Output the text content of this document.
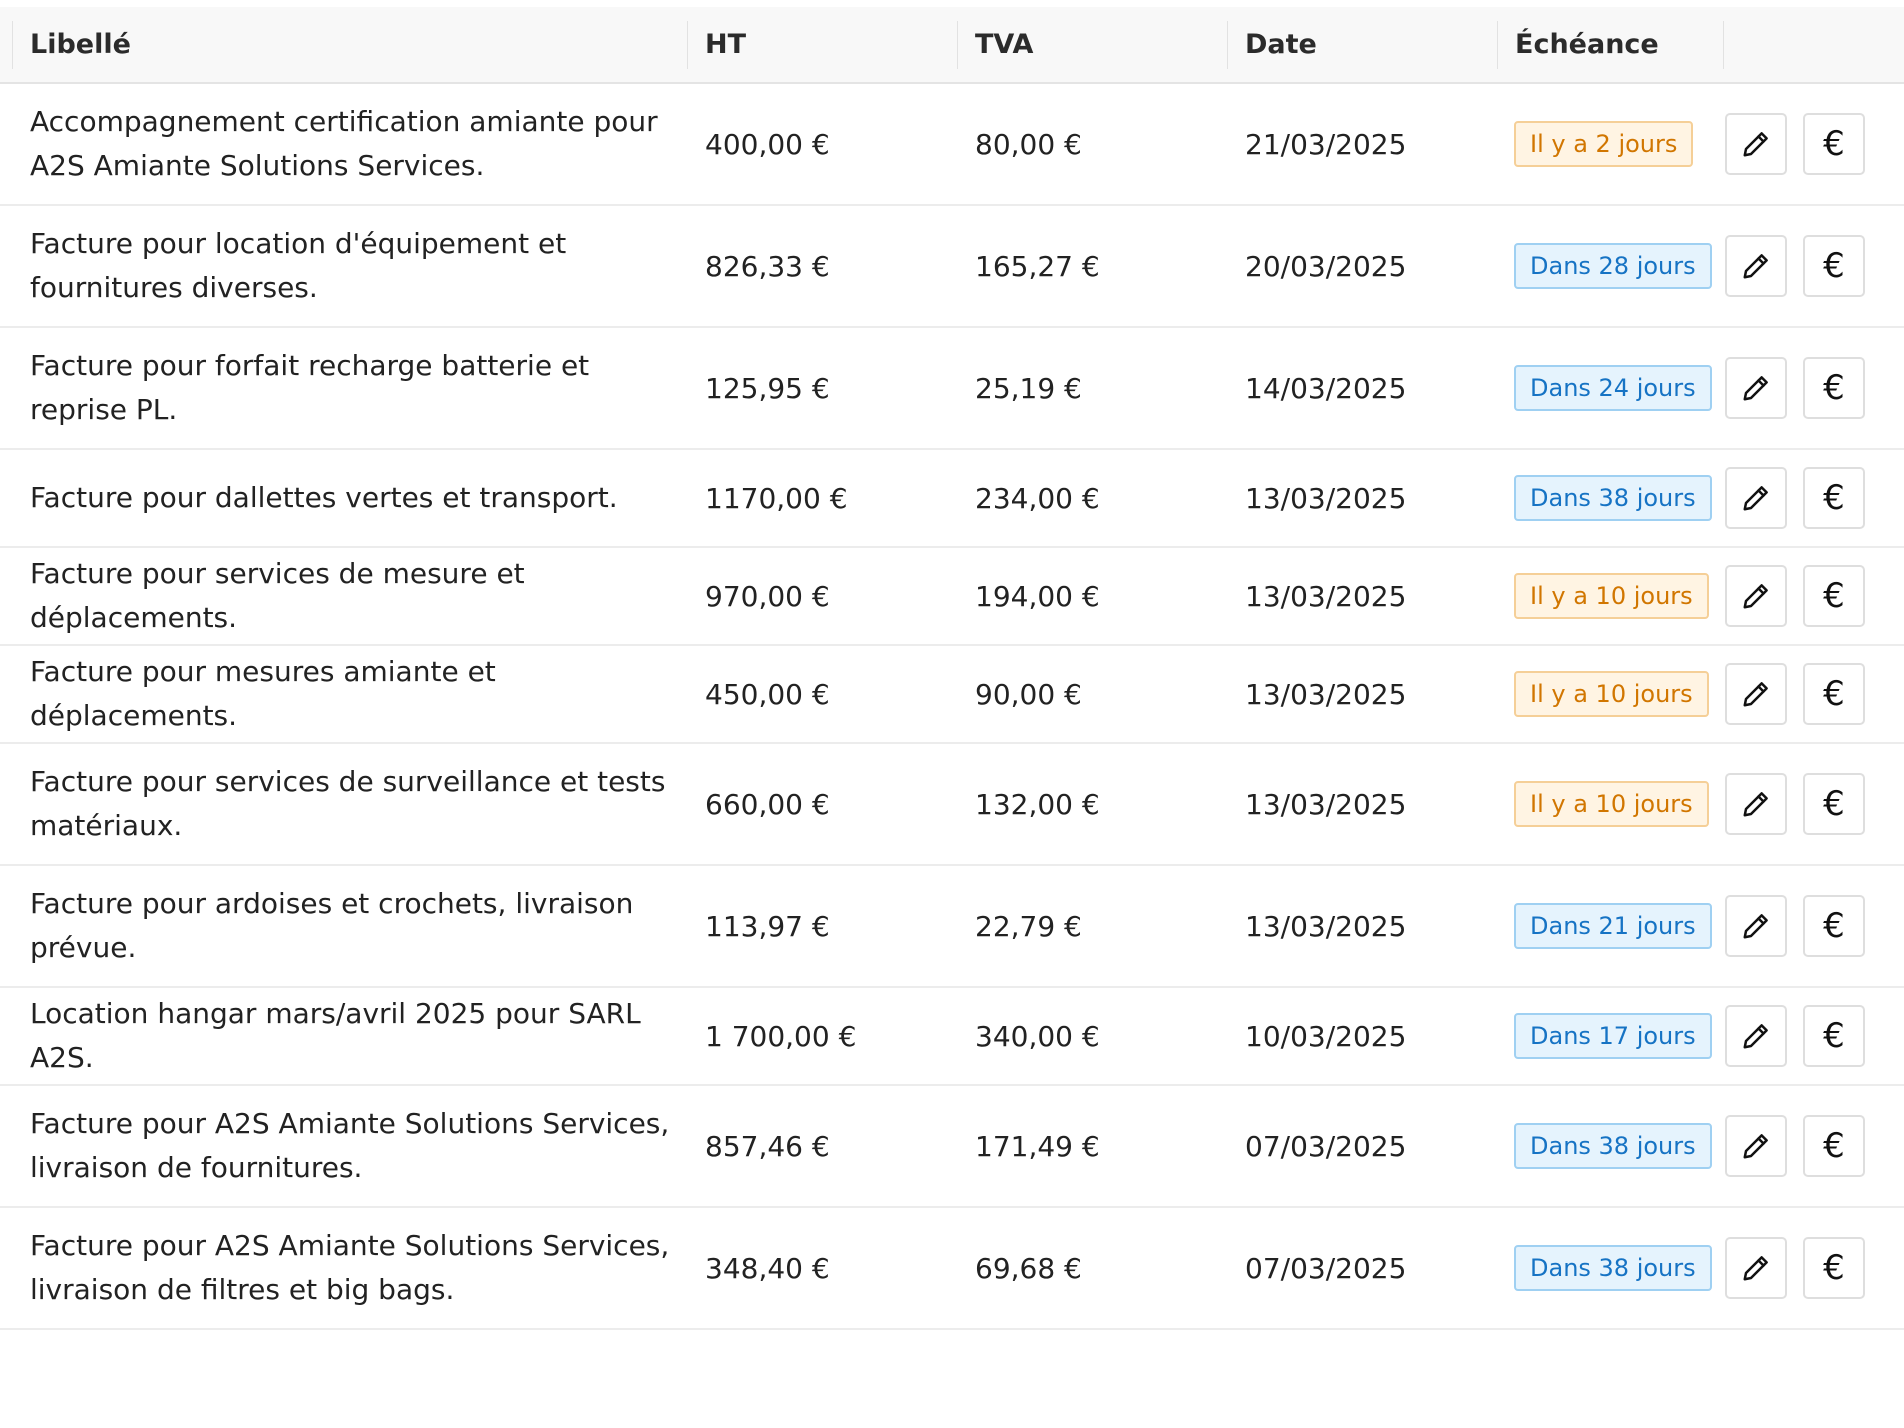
Libellé	HT	TVA	Date	Échéance

Accompagnement certification amiante pour A2S Amiante Solutions Services.	400,00 €	80,00 €	21/03/2025	Il y a 2 jours	€

Facture pour location d'équipement et fournitures diverses.	826,33 €	165,27 €	20/03/2025	Dans 28 jours	€

Facture pour forfait recharge batterie et reprise PL.	125,95 €	25,19 €	14/03/2025	Dans 24 jours	€

Facture pour dallettes vertes et transport.	1170,00 €	234,00 €	13/03/2025	Dans 38 jours	€

Facture pour services de mesure et déplacements.	970,00 €	194,00 €	13/03/2025	Il y a 10 jours	€

Facture pour mesures amiante et déplacements.	450,00 €	90,00 €	13/03/2025	Il y a 10 jours	€

Facture pour services de surveillance et tests matériaux.	660,00 €	132,00 €	13/03/2025	Il y a 10 jours	€

Facture pour ardoises et crochets, livraison prévue.	113,97 €	22,79 €	13/03/2025	Dans 21 jours	€

Location hangar mars/avril 2025 pour SARL A2S.	1 700,00 €	340,00 €	10/03/2025	Dans 17 jours	€

Facture pour A2S Amiante Solutions Services, livraison de fournitures.	857,46 €	171,49 €	07/03/2025	Dans 38 jours	€

Facture pour A2S Amiante Solutions Services, livraison de filtres et big bags.	348,40 €	69,68 €	07/03/2025	Dans 38 jours	€
